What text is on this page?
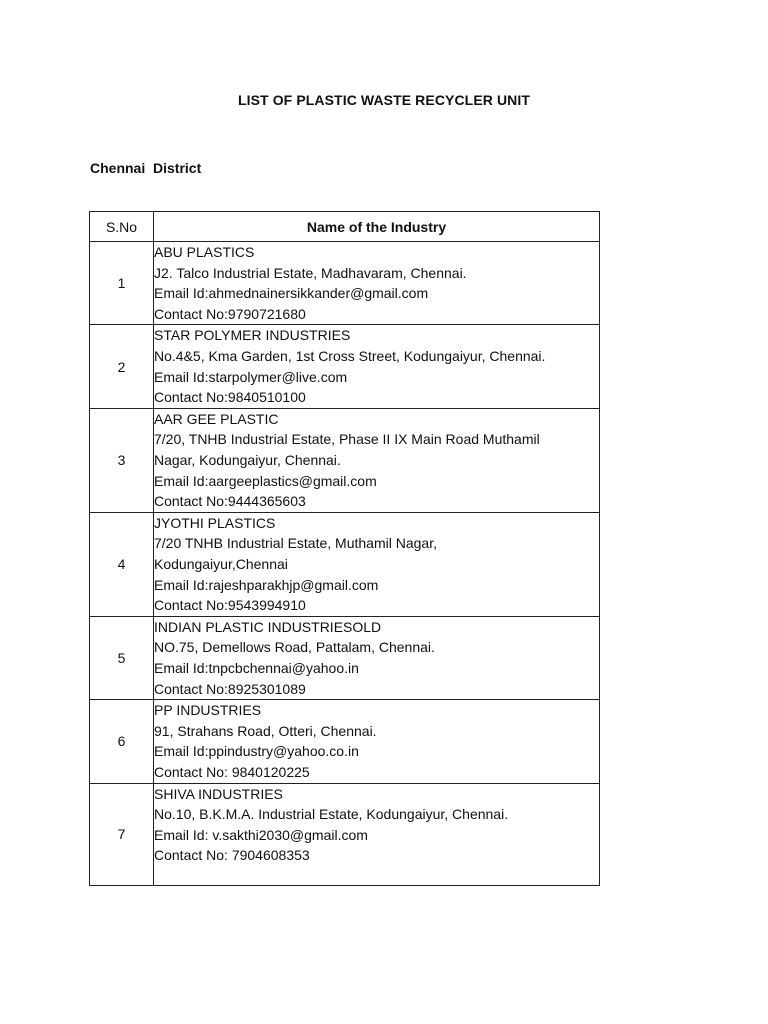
LIST OF PLASTIC WASTE RECYCLER UNIT
Chennai  District
S.No	Name of the Industry
1	ABU PLASTICS
J2. Talco Industrial Estate, Madhavaram, Chennai.
Email Id:ahmednainersikkander@gmail.com
Contact No:9790721680

2	STAR POLYMER INDUSTRIES
No.4&5, Kma Garden, 1st Cross Street, Kodungaiyur, Chennai.
Email Id:starpolymer@live.com
Contact No:9840510100

3	AAR GEE PLASTIC
7/20, TNHB Industrial Estate, Phase II IX Main Road Muthamil
Nagar, Kodungaiyur, Chennai.
Email Id:aargeeplastics@gmail.com
Contact No:9444365603

4	JYOTHI PLASTICS
7/20 TNHB Industrial Estate, Muthamil Nagar,
Kodungaiyur,Chennai
Email Id:rajeshparakhjp@gmail.com
Contact No:9543994910

5	INDIAN PLASTIC INDUSTRIESOLD
NO.75, Demellows Road, Pattalam, Chennai.
Email Id:tnpcbchennai@yahoo.in
Contact No:8925301089

6	PP INDUSTRIES
91, Strahans Road, Otteri, Chennai.
Email Id:ppindustry@yahoo.co.in
Contact No: 9840120225

7	SHIVA INDUSTRIES
No.10, B.K.M.A. Industrial Estate, Kodungaiyur, Chennai.
Email Id: v.sakthi2030@gmail.com
Contact No: 7904608353
